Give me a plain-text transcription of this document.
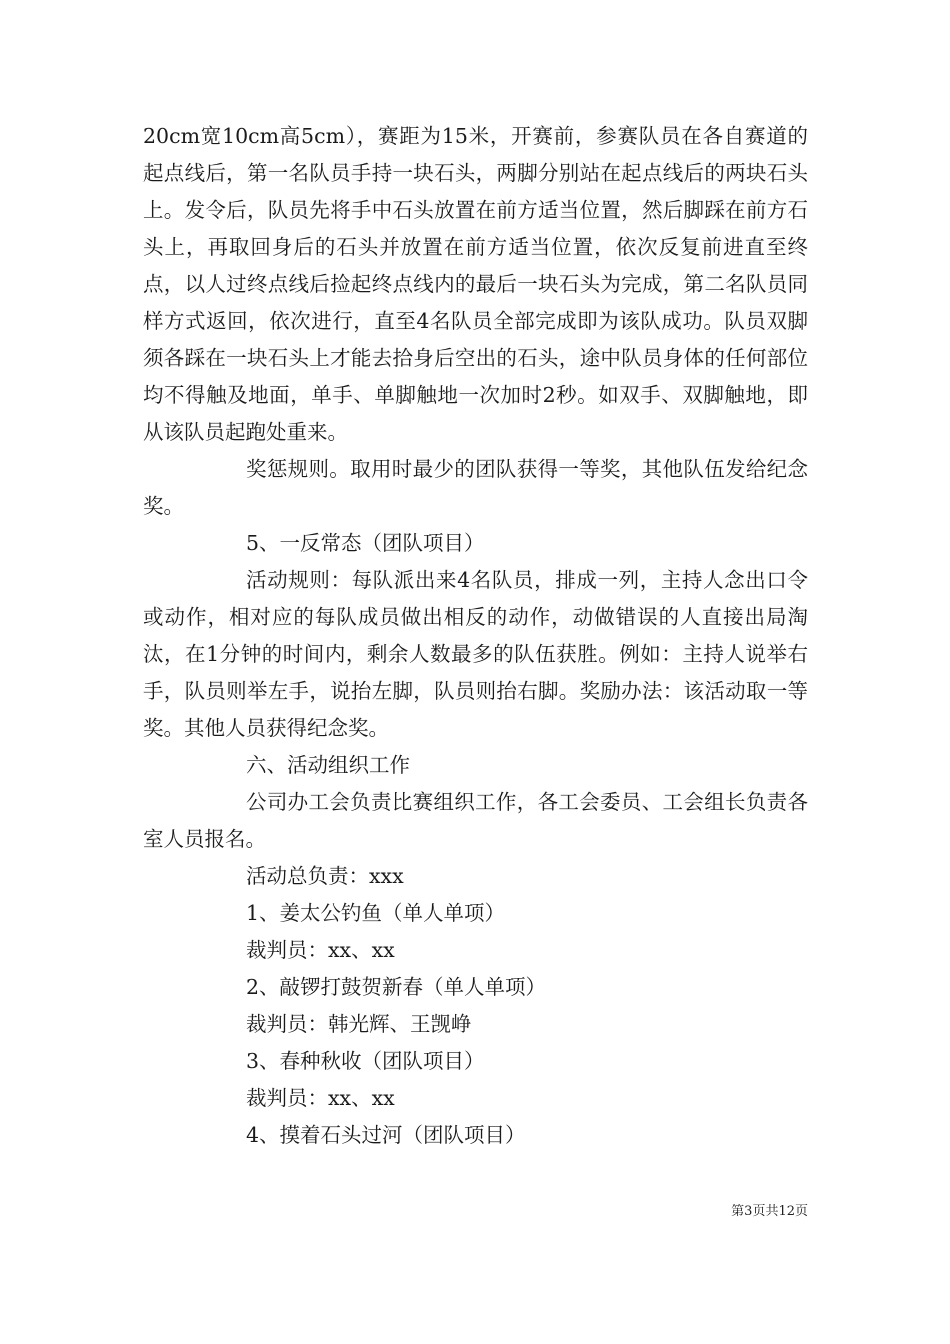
20cm宽10cm高5cm），赛距为15米，开赛前，参赛队员在各自赛道的起点线后，第一名队员手持一块石头，两脚分别站在起点线后的两块石头上。发令后，队员先将手中石头放置在前方适当位置，然后脚踩在前方石头上，再取回身后的石头并放置在前方适当位置，依次反复前进直至终点，以人过终点线后捡起终点线内的最后一块石头为完成，第二名队员同样方式返回，依次进行，直至4名队员全部完成即为该队成功。队员双脚须各踩在一块石头上才能去拾身后空出的石头，途中队员身体的任何部位均不得触及地面，单手、单脚触地一次加时2秒。如双手、双脚触地，即从该队员起跑处重来。

奖惩规则。取用时最少的团队获得一等奖，其他队伍发给纪念奖。

5、一反常态（团队项目）

活动规则：每队派出来4名队员，排成一列，主持人念出口令或动作，相对应的每队成员做出相反的动作，动做错误的人直接出局淘汰，在1分钟的时间内，剩余人数最多的队伍获胜。例如：主持人说举右手，队员则举左手，说抬左脚，队员则抬右脚。奖励办法：该活动取一等奖。其他人员获得纪念奖。

六、活动组织工作

公司办工会负责比赛组织工作，各工会委员、工会组长负责各室人员报名。

活动总负责：xxx

1、姜太公钓鱼（单人单项）

裁判员：xx、xx

2、敲锣打鼓贺新春（单人单项）

裁判员：韩光辉、王觊峥

3、春种秋收（团队项目）

裁判员：xx、xx

4、摸着石头过河（团队项目）

第3页共12页
